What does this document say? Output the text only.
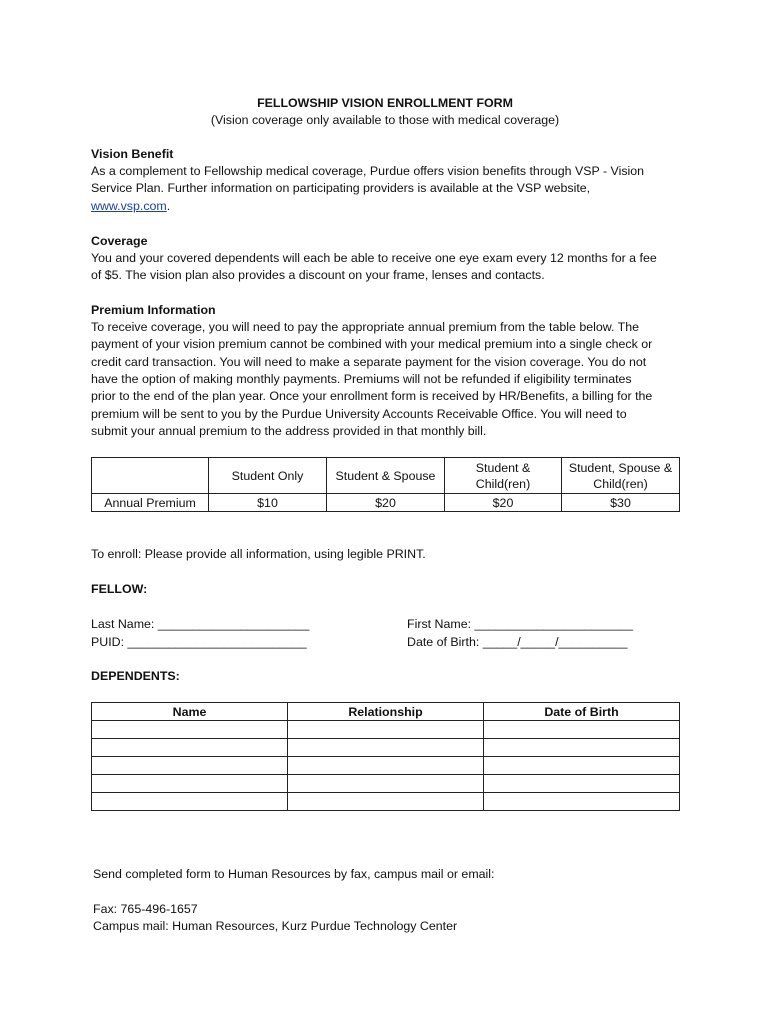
FELLOWSHIP VISION ENROLLMENT FORM
(Vision coverage only available to those with medical coverage)
Vision Benefit
As a complement to Fellowship medical coverage, Purdue offers vision benefits through VSP - Vision
Service Plan. Further information on participating providers is available at the VSP website,
www.vsp.com.
Coverage
You and your covered dependents will each be able to receive one eye exam every 12 months for a fee
of $5. The vision plan also provides a discount on your frame, lenses and contacts.
Premium Information
To receive coverage, you will need to pay the appropriate annual premium from the table below. The
payment of your vision premium cannot be combined with your medical premium into a single check or
credit card transaction. You will need to make a separate payment for the vision coverage. You do not
have the option of making monthly payments. Premiums will not be refunded if eligibility terminates
prior to the end of the plan year. Once your enrollment form is received by HR/Benefits, a billing for the
premium will be sent to you by the Purdue University Accounts Receivable Office. You will need to
submit your annual premium to the address provided in that monthly bill.
	Student Only	Student & Spouse	Student & Child(ren)	Student, Spouse & Child(ren)
Annual Premium	$10	$20	$20	$30
To enroll: Please provide all information, using legible PRINT.
FELLOW:
Last Name: ______________________	First Name: _______________________
PUID: __________________________	Date of Birth: _____/_____/__________
DEPENDENTS:
Name	Relationship	Date of Birth

Send completed form to Human Resources by fax, campus mail or email:
Fax: 765-496-1657
Campus mail: Human Resources, Kurz Purdue Technology Center
